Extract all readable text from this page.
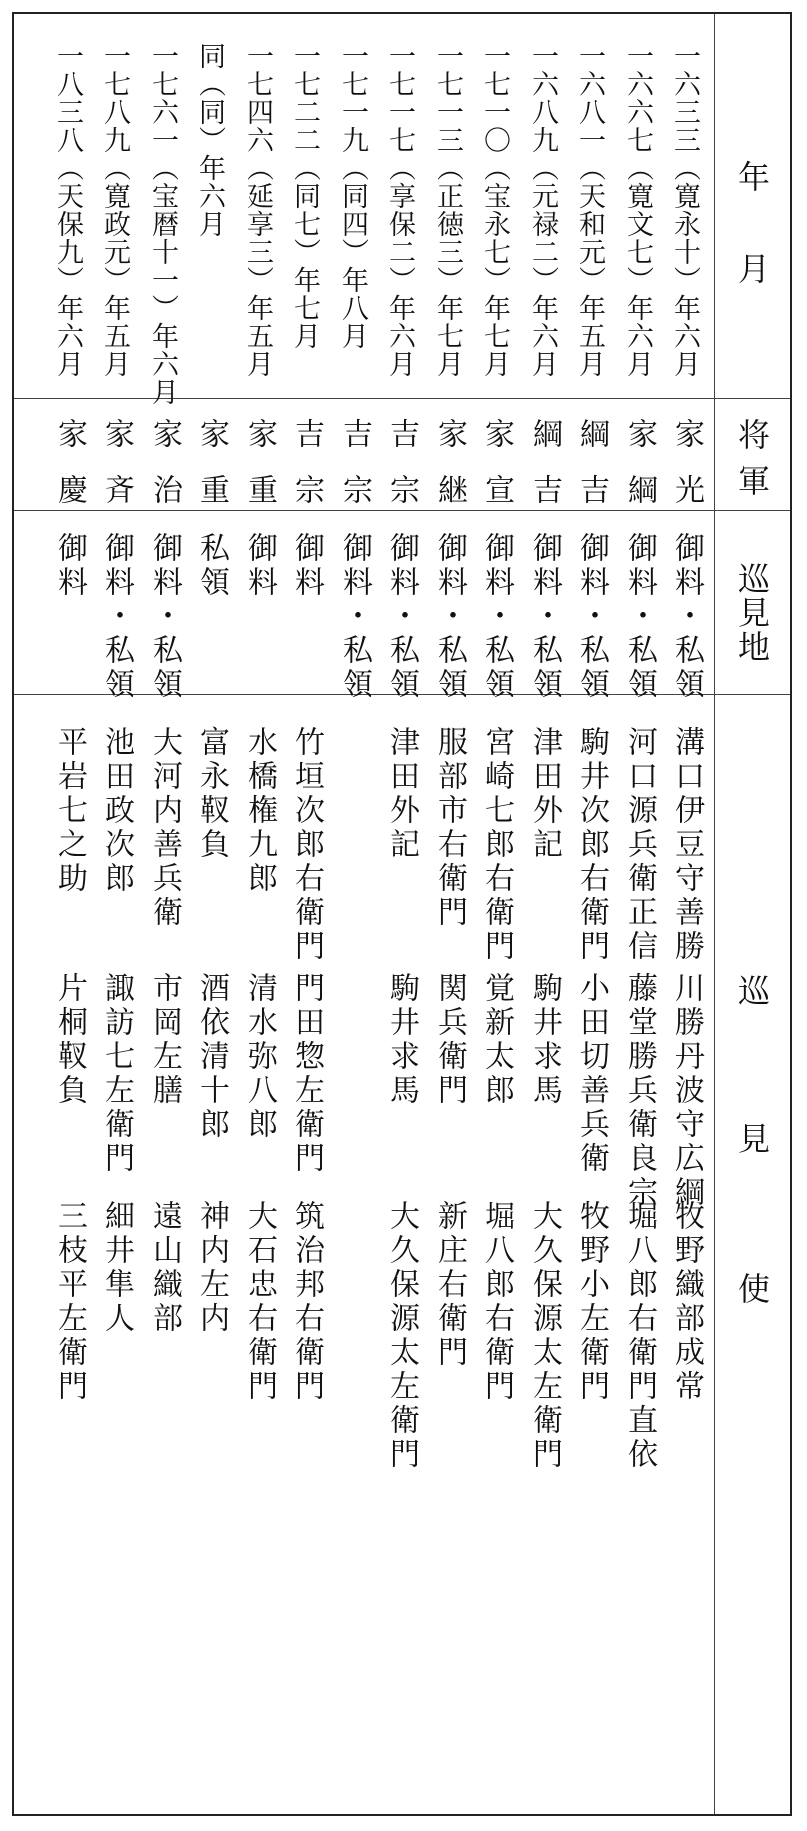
年
月
将
軍
巡見地
巡
見
使
一六三三（寛永十）年六月
家光
御料・私領
溝口伊豆守善勝
川勝丹波守広綱
牧野織部成常
一六六七（寛文七）年六月
家綱
御料・私領
河口源兵衛正信
藤堂勝兵衛良宗
堀八郎右衛門直依
一六八一（天和元）年五月
綱吉
御料・私領
駒井次郎右衛門
小田切善兵衛
牧野小左衛門
一六八九（元禄二）年六月
綱吉
御料・私領
津田外記
駒井求馬
大久保源太左衛門
一七一〇（宝永七）年七月
家宣
御料・私領
宮崎七郎右衛門
覚新太郎
堀八郎右衛門
一七一三（正徳三）年七月
家継
御料・私領
服部市右衛門
関兵衛門
新庄右衛門
一七一七（享保二）年六月
吉宗
御料・私領
津田外記
駒井求馬
大久保源太左衛門
一七一九（同四）年八月
吉宗
御料・私領
一七二二（同七）年七月
吉宗
御料
竹垣次郎右衛門
門田惣左衛門
筑治邦右衛門
一七四六（延享三）年五月
家重
御料
水橋権九郎
清水弥八郎
大石忠右衛門
同（同）年六月
家重
私領
富永靫負
酒依清十郎
神内左内
一七六一（宝暦十一）年六月
家治
御料・私領
大河内善兵衛
市岡左膳
遠山織部
一七八九（寛政元）年五月
家斉
御料・私領
池田政次郎
諏訪七左衛門
細井隼人
一八三八（天保九）年六月
家慶
御料
平岩七之助
片桐靫負
三枝平左衛門
